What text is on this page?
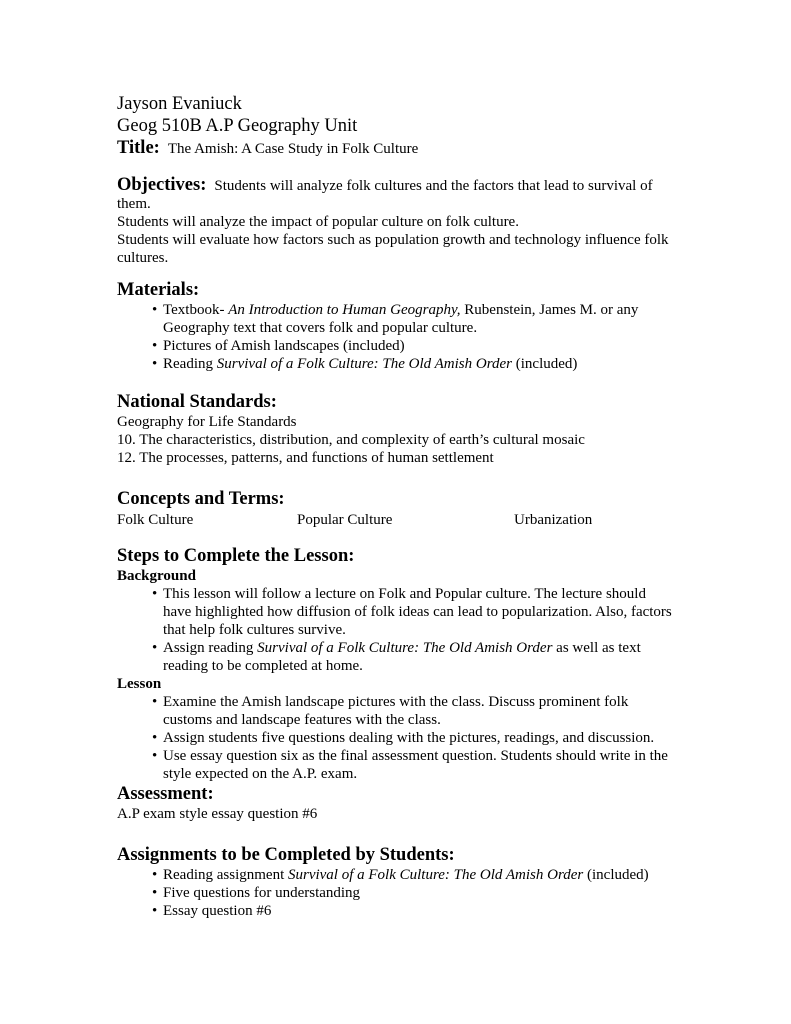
Jayson Evaniuck
Geog 510B A.P Geography Unit
Title: The Amish: A Case Study in Folk Culture
Objectives: Students will analyze folk cultures and the factors that lead to survival of them.
Students will analyze the impact of popular culture on folk culture.
Students will evaluate how factors such as population growth and technology influence folk cultures.
Materials:
• Textbook- An Introduction to Human Geography, Rubenstein, James M. or any Geography text that covers folk and popular culture.
• Pictures of Amish landscapes (included)
• Reading Survival of a Folk Culture: The Old Amish Order (included)
National Standards:
Geography for Life Standards
10. The characteristics, distribution, and complexity of earth’s cultural mosaic
12. The processes, patterns, and functions of human settlement
Concepts and Terms:
Folk Culture	Popular Culture	Urbanization
Steps to Complete the Lesson:
Background
• This lesson will follow a lecture on Folk and Popular culture. The lecture should have highlighted how diffusion of folk ideas can lead to popularization. Also, factors that help folk cultures survive.
• Assign reading Survival of a Folk Culture: The Old Amish Order as well as text reading to be completed at home.
Lesson
• Examine the Amish landscape pictures with the class. Discuss prominent folk customs and landscape features with the class.
• Assign students five questions dealing with the pictures, readings, and discussion.
• Use essay question six as the final assessment question. Students should write in the style expected on the A.P. exam.
Assessment:
A.P exam style essay question #6
Assignments to be Completed by Students:
• Reading assignment Survival of a Folk Culture: The Old Amish Order (included)
• Five questions for understanding
• Essay question #6
